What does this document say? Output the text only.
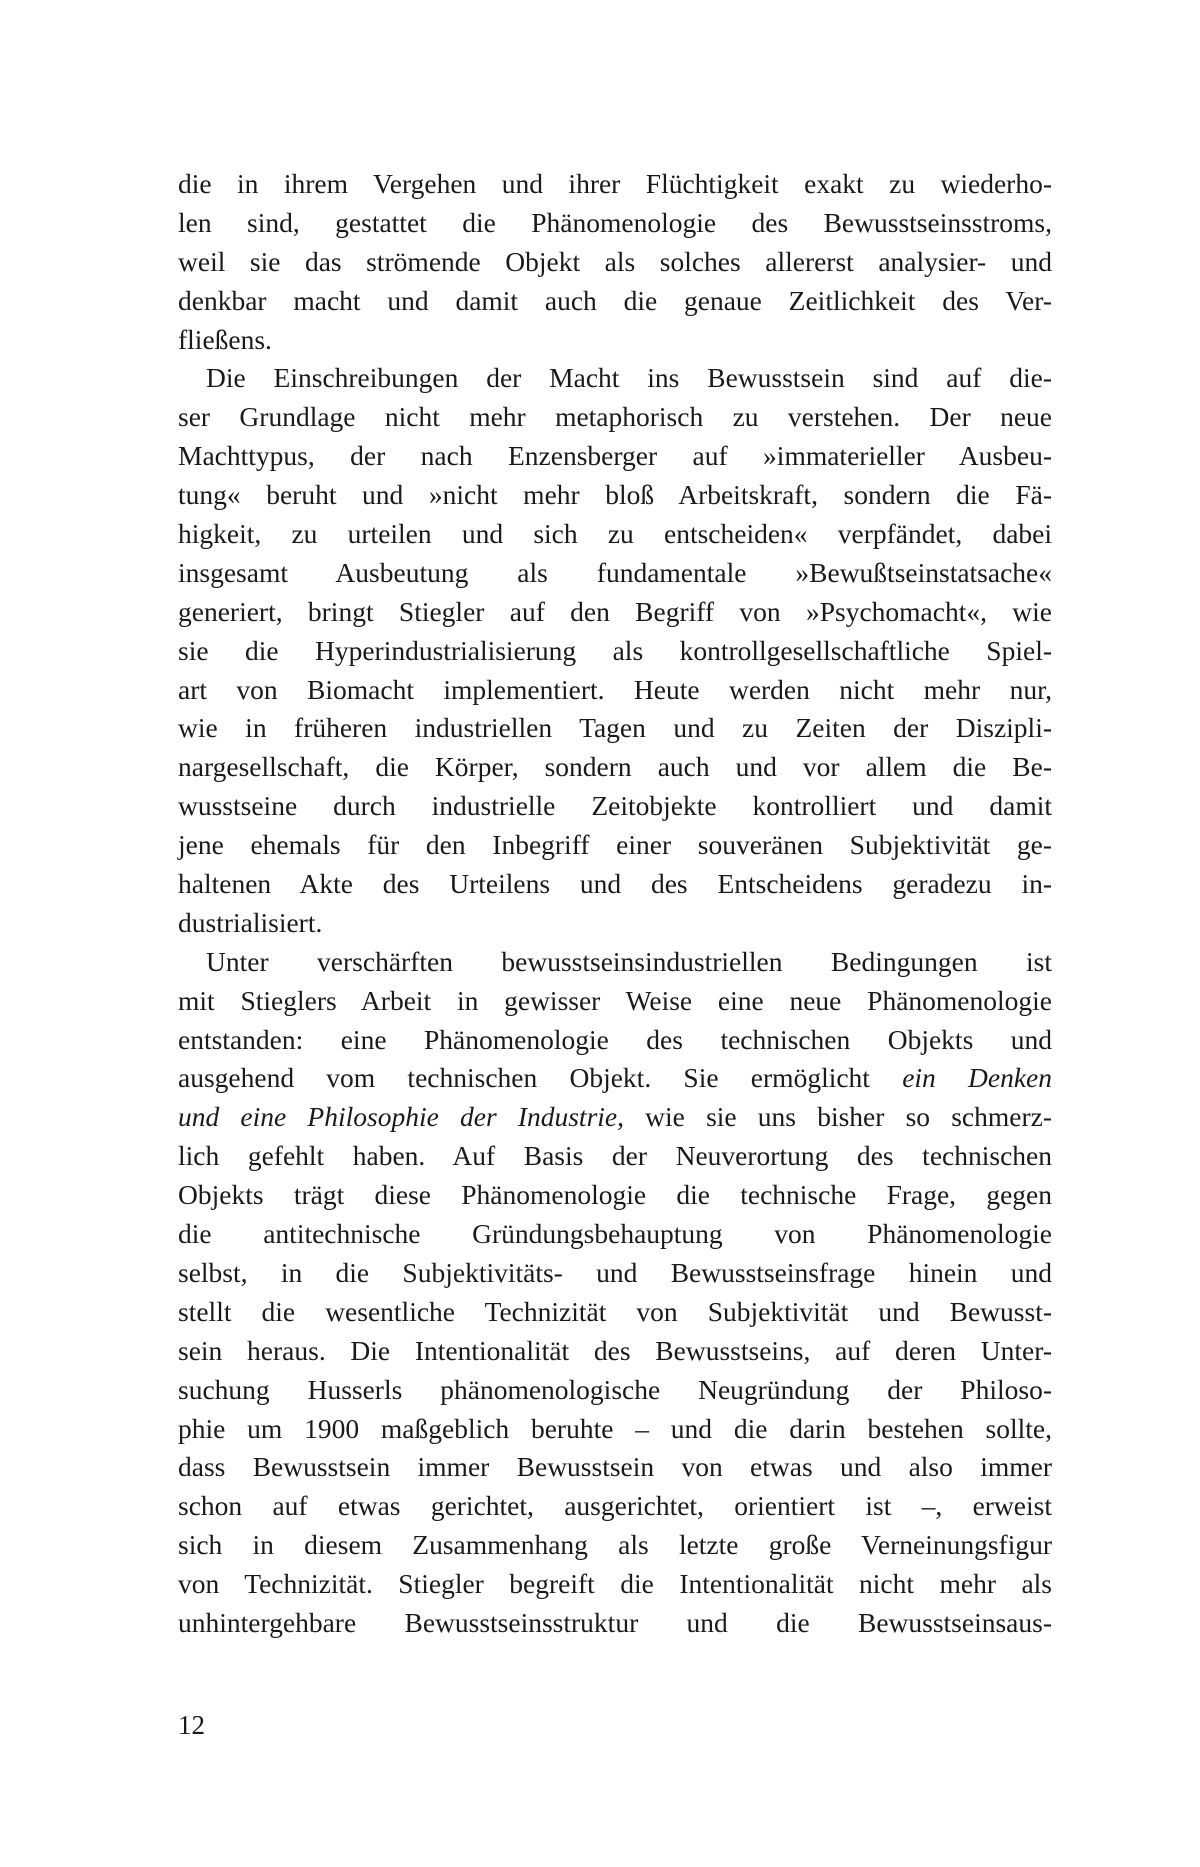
die in ihrem Vergehen und ihrer Flüchtigkeit exakt zu wiederho-
len sind, gestattet die Phänomenologie des Bewusstseinsstroms,
weil sie das strömende Objekt als solches allererst analysier- und
denkbar macht und damit auch die genaue Zeitlichkeit des Ver-
fließens.
Die Einschreibungen der Macht ins Bewusstsein sind auf die-
ser Grundlage nicht mehr metaphorisch zu verstehen. Der neue
Machttypus, der nach Enzensberger auf »immaterieller Ausbeu-
tung« beruht und »nicht mehr bloß Arbeitskraft, sondern die Fä-
higkeit, zu urteilen und sich zu entscheiden« verpfändet, dabei
insgesamt Ausbeutung als fundamentale »Bewußtseinstatsache«
generiert, bringt Stiegler auf den Begriff von »Psychomacht«, wie
sie die Hyperindustrialisierung als kontrollgesellschaftliche Spiel-
art von Biomacht implementiert. Heute werden nicht mehr nur,
wie in früheren industriellen Tagen und zu Zeiten der Diszipli-
nargesellschaft, die Körper, sondern auch und vor allem die Be-
wusstseine durch industrielle Zeitobjekte kontrolliert und damit
jene ehemals für den Inbegriff einer souveränen Subjektivität ge-
haltenen Akte des Urteilens und des Entscheidens geradezu in-
dustrialisiert.
Unter verschärften bewusstseinsindustriellen Bedingungen ist
mit Stieglers Arbeit in gewisser Weise eine neue Phänomenologie
entstanden: eine Phänomenologie des technischen Objekts und
ausgehend vom technischen Objekt. Sie ermöglicht ein Denken
und eine Philosophie der Industrie, wie sie uns bisher so schmerz-
lich gefehlt haben. Auf Basis der Neuverortung des technischen
Objekts trägt diese Phänomenologie die technische Frage, gegen
die antitechnische Gründungsbehauptung von Phänomenologie
selbst, in die Subjektivitäts- und Bewusstseinsfrage hinein und
stellt die wesentliche Technizität von Subjektivität und Bewusst-
sein heraus. Die Intentionalität des Bewusstseins, auf deren Unter-
suchung Husserls phänomenologische Neugründung der Philoso-
phie um 1900 maßgeblich beruhte – und die darin bestehen sollte,
dass Bewusstsein immer Bewusstsein von etwas und also immer
schon auf etwas gerichtet, ausgerichtet, orientiert ist –, erweist
sich in diesem Zusammenhang als letzte große Verneinungsfigur
von Technizität. Stiegler begreift die Intentionalität nicht mehr als
unhintergehbare Bewusstseinsstruktur und die Bewusstseinsaus-
12
